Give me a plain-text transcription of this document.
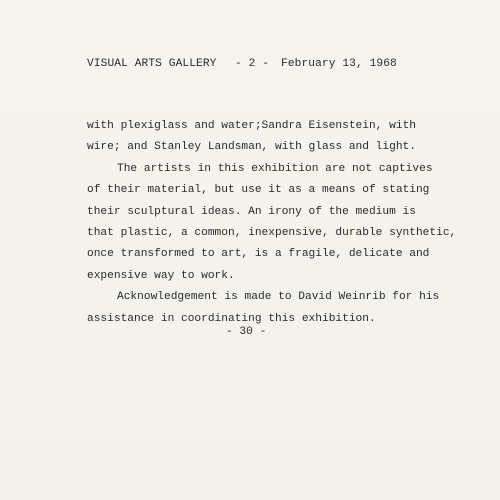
VISUAL ARTS GALLERY - 2 - February 13, 1968
with plexiglass and water;Sandra Eisenstein, with
wire; and Stanley Landsman, with glass and light.
The artists in this exhibition are not captives
of their material, but use it as a means of stating
their sculptural ideas. An irony of the medium is
that plastic, a common, inexpensive, durable synthetic,
once transformed to art, is a fragile, delicate and
expensive way to work.
Acknowledgement is made to David Weinrib for his
assistance in coordinating this exhibition.
- 30 -
